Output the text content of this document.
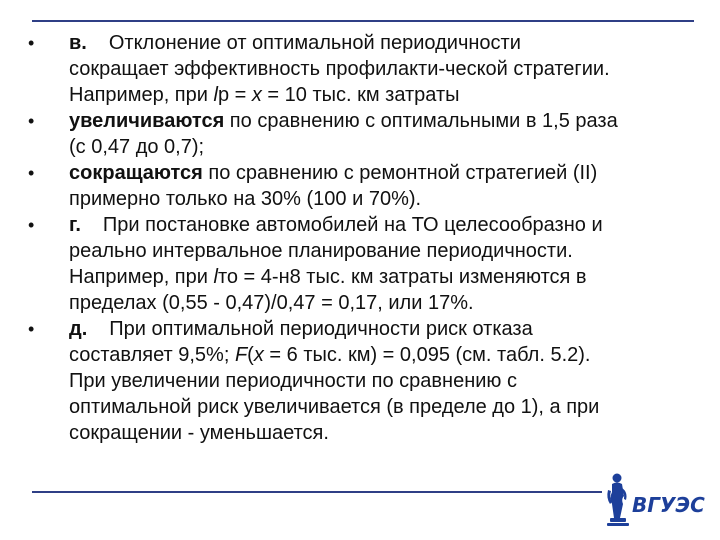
•	в. Отклонение от оптимальной периодичности
сокращает эффективность профилакти-ческой стратегии.
Например, при lр = x = 10 тыс. км затраты
•	увеличиваются по сравнению с оптимальными в 1,5 раза
(с 0,47 до 0,7);
•	сокращаются по сравнению с ремонтной стратегией (II)
примерно только на 30% (100 и 70%).
•	г. При постановке автомобилей на ТО целесообразно и
реально интервальное планирование периодичности.
Например, при lто = 4-н8 тыс. км затраты изменяются в
пределах (0,55 - 0,47)/0,47 = 0,17, или 17%.
•	д. При оптимальной периодичности риск отказа
составляет 9,5%; F(x = 6 тыс. км) = 0,095 (см. табл. 5.2).
При увеличении периодичности по сравнению с
оптимальной риск увеличивается (в пределе до 1), а при
сокращении - уменьшается.
ВГУЭС
